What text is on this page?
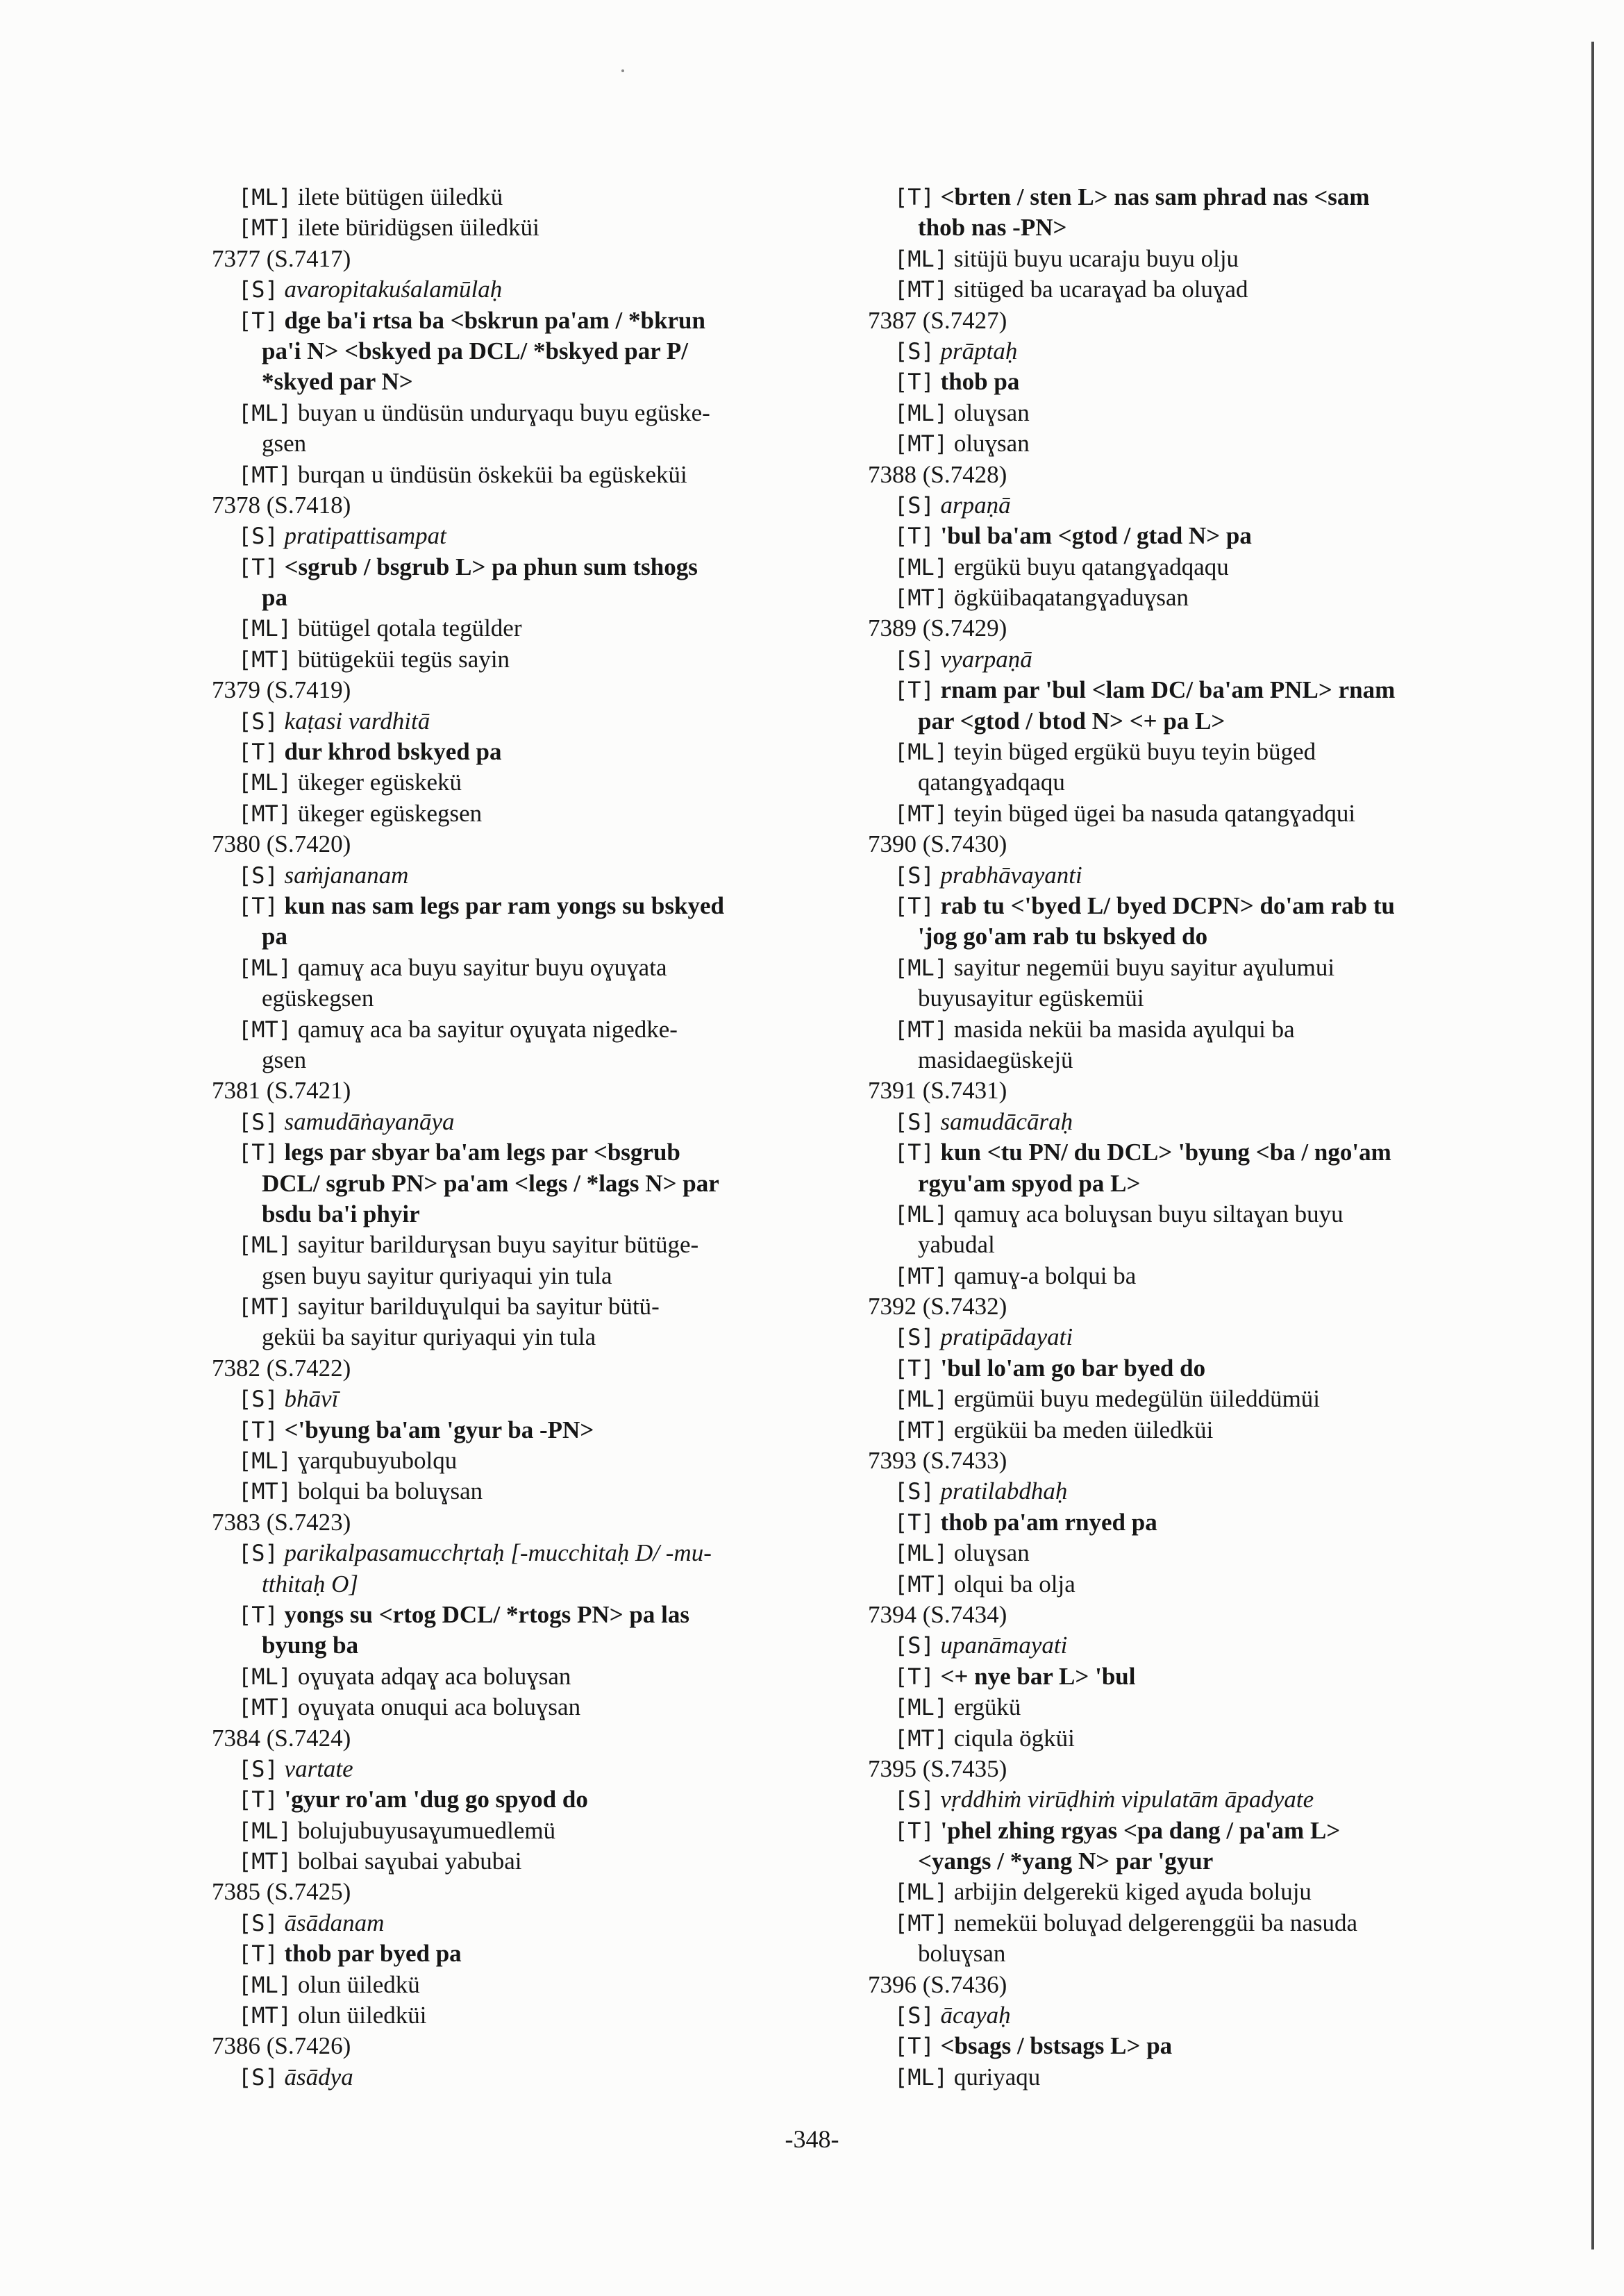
[ML] ilete bütügen üiledkü
[MT] ilete büridügsen üiledküi
7377 (S.7417)
[S] avaropitakuśalamūlaḥ
[T] dge ba'i rtsa ba <bskrun pa'am / *bkrun
pa'i N> <bskyed pa DCL/ *bskyed par P/
*skyed par N>
[ML] buyan u ündüsün undurɣaqu buyu egüske-
gsen
[MT] burqan u ündüsün öskeküi ba egüskeküi
7378 (S.7418)
[S] pratipattisampat
[T] <sgrub / bsgrub L> pa phun sum tshogs
pa
[ML] bütügel qotala tegülder
[MT] bütügeküi tegüs sayin
7379 (S.7419)
[S] kaṭasi vardhitā
[T] dur khrod bskyed pa
[ML] ükeger egüskekü
[MT] ükeger egüskegsen
7380 (S.7420)
[S] saṁjananam
[T] kun nas sam legs par ram yongs su bskyed
pa
[ML] qamuɣ aca buyu sayitur buyu oɣuɣata
egüskegsen
[MT] qamuɣ aca ba sayitur oɣuɣata nigedke-
gsen
7381 (S.7421)
[S] samudāṅayanāya
[T] legs par sbyar ba'am legs par <bsgrub
DCL/ sgrub PN> pa'am <legs / *lags N> par
bsdu ba'i phyir
[ML] sayitur barildurɣsan buyu sayitur bütüge-
gsen buyu sayitur quriyaqui yin tula
[MT] sayitur barilduɣulqui ba sayitur bütü-
geküi ba sayitur quriyaqui yin tula
7382 (S.7422)
[S] bhāvī
[T] <'byung ba'am 'gyur ba -PN>
[ML] ɣarqubuyubolqu
[MT] bolqui ba boluɣsan
7383 (S.7423)
[S] parikalpasamucchṛtaḥ [-mucchitaḥ D/ -mu-
tthitaḥ O]
[T] yongs su <rtog DCL/ *rtogs PN> pa las
byung ba
[ML] oɣuɣata adqaɣ aca boluɣsan
[MT] oɣuɣata onuqui aca boluɣsan
7384 (S.7424)
[S] vartate
[T] 'gyur ro'am 'dug go spyod do
[ML] bolujubuyusaɣumuedlemü
[MT] bolbai saɣubai yabubai
7385 (S.7425)
[S] āsādanam
[T] thob par byed pa
[ML] olun üiledkü
[MT] olun üiledküi
7386 (S.7426)
[S] āsādya
[T] <brten / sten L> nas sam phrad nas <sam
thob nas -PN>
[ML] sitüjü buyu ucaraju buyu olju
[MT] sitüged ba ucaraɣad ba oluɣad
7387 (S.7427)
[S] prāptaḥ
[T] thob pa
[ML] oluɣsan
[MT] oluɣsan
7388 (S.7428)
[S] arpaṇā
[T] 'bul ba'am <gtod / gtad N> pa
[ML] ergükü buyu qatangɣadqaqu
[MT] ögküibaqatangɣaduɣsan
7389 (S.7429)
[S] vyarpaṇā
[T] rnam par 'bul <lam DC/ ba'am PNL> rnam
par <gtod / btod N> <+ pa L>
[ML] teyin büged ergükü buyu teyin büged
qatangɣadqaqu
[MT] teyin büged ügei ba nasuda qatangɣadqui
7390 (S.7430)
[S] prabhāvayanti
[T] rab tu <'byed L/ byed DCPN> do'am rab tu
'jog go'am rab tu bskyed do
[ML] sayitur negemüi buyu sayitur aɣulumui
buyusayitur egüskemüi
[MT] masida neküi ba masida aɣulqui ba
masidaegüskejü
7391 (S.7431)
[S] samudācāraḥ
[T] kun <tu PN/ du DCL> 'byung <ba / ngo'am
rgyu'am spyod pa L>
[ML] qamuɣ aca boluɣsan buyu siltaɣan buyu
yabudal
[MT] qamuɣ-a bolqui ba
7392 (S.7432)
[S] pratipādayati
[T] 'bul lo'am go bar byed do
[ML] ergümüi buyu medegülün üileddümüi
[MT] ergüküi ba meden üiledküi
7393 (S.7433)
[S] pratilabdhaḥ
[T] thob pa'am rnyed pa
[ML] oluɣsan
[MT] olqui ba olja
7394 (S.7434)
[S] upanāmayati
[T] <+ nye bar L> 'bul
[ML] ergükü
[MT] ciqula ögküi
7395 (S.7435)
[S] vṛddhiṁ virūḍhiṁ vipulatām āpadyate
[T] 'phel zhing rgyas <pa dang / pa'am L>
<yangs / *yang N> par 'gyur
[ML] arbijin delgerekü kiged aɣuda boluju
[MT] nemeküi boluɣad delgerenggüi ba nasuda
boluɣsan
7396 (S.7436)
[S] ācayaḥ
[T] <bsags / bstsags L> pa
[ML] quriyaqu
-348-
